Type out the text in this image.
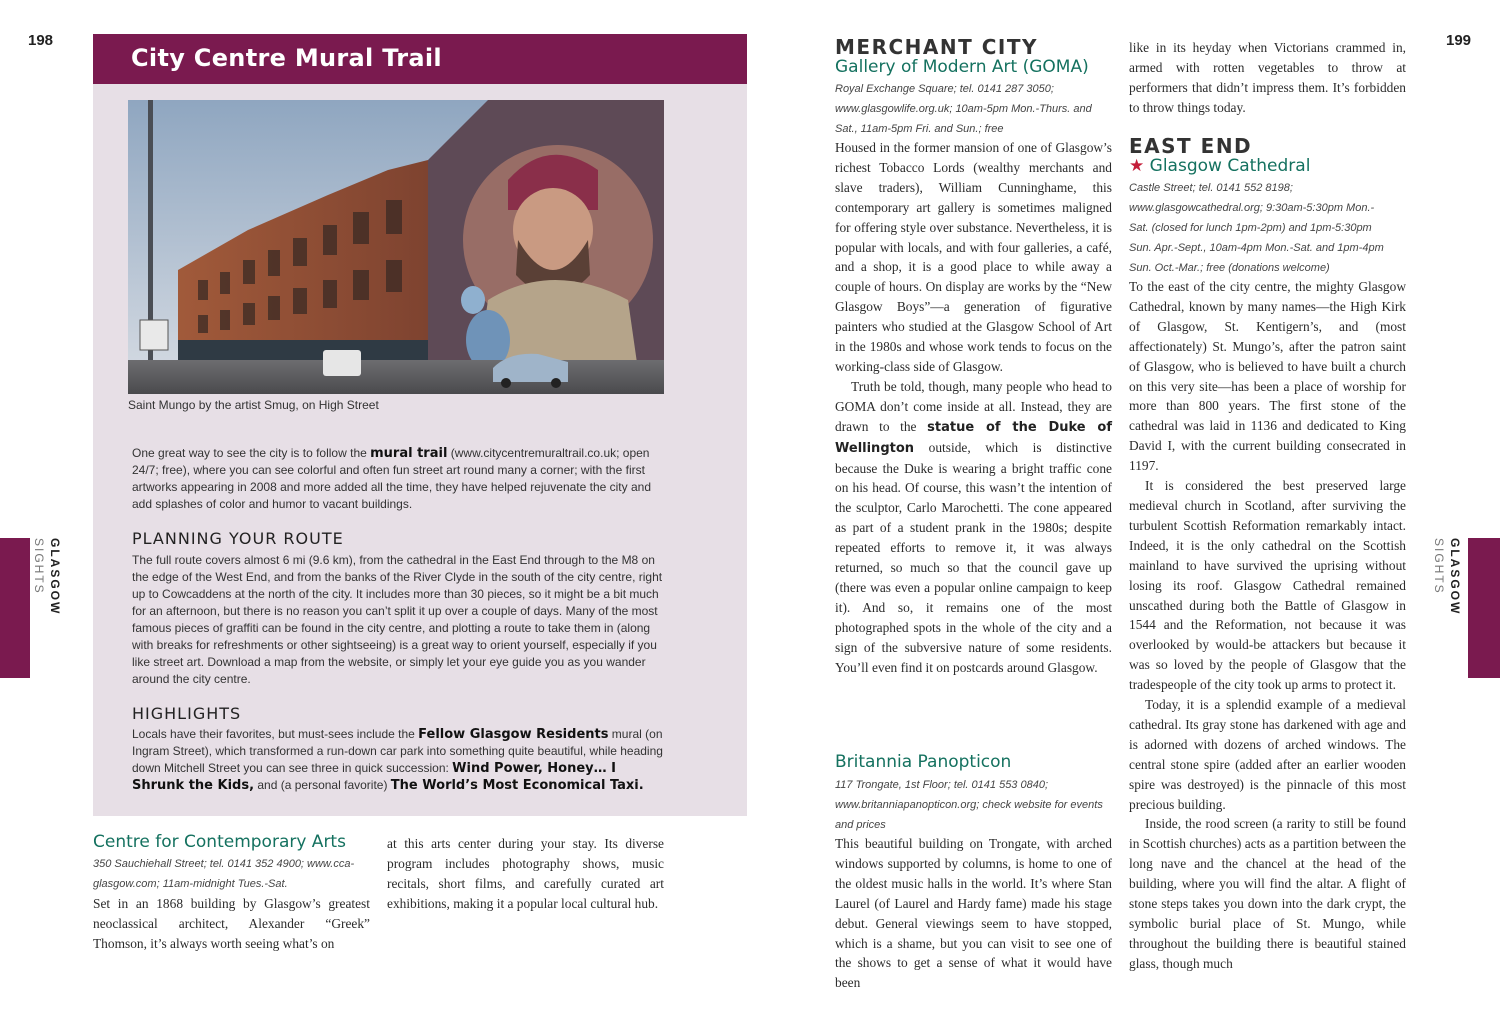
198	199
SIGHTS GLASGOW	SIGHTS GLASGOW
City Centre Mural Trail
Saint Mungo by the artist Smug, on High Street
One great way to see the city is to follow the mural trail (www.citycentremuraltrail.co.uk; open 24/7; free), where you can see colorful and often fun street art round many a corner; with the first artworks appearing in 2008 and more added all the time, they have helped rejuvenate the city and add splashes of color and humor to vacant buildings.
PLANNING YOUR ROUTE
The full route covers almost 6 mi (9.6 km), from the cathedral in the East End through to the M8 on the edge of the West End, and from the banks of the River Clyde in the south of the city centre, right up to Cowcaddens at the north of the city. It includes more than 30 pieces, so it might be a bit much for an afternoon, but there is no reason you can’t split it up over a couple of days. Many of the most famous pieces of graffiti can be found in the city centre, and plotting a route to take them in (along with breaks for refreshments or other sightseeing) is a great way to orient yourself, especially if you like street art. Download a map from the website, or simply let your eye guide you as you wander around the city centre.
HIGHLIGHTS
Locals have their favorites, but must-sees include the Fellow Glasgow Residents mural (on Ingram Street), which transformed a run-down car park into something quite beautiful, while heading down Mitchell Street you can see three in quick succession: Wind Power, Honey… I Shrunk the Kids, and (a personal favorite) The World’s Most Economical Taxi.
Centre for Contemporary Arts
350 Sauchiehall Street; tel. 0141 352 4900; www.cca-glasgow.com; 11am-midnight Tues.-Sat.

Set in an 1868 building by Glasgow’s greatest neoclassical architect, Alexander “Greek” Thomson, it’s always worth seeing what’s on

at this arts center during your stay. Its diverse program includes photography shows, music recitals, short films, and carefully curated art exhibitions, making it a popular local cultural hub.

MERCHANT CITY
Gallery of Modern Art (GOMA)
Royal Exchange Square; tel. 0141 287 3050; www.glasgowlife.org.uk; 10am-5pm Mon.-Thurs. and Sat., 11am-5pm Fri. and Sun.; free

Housed in the former mansion of one of Glasgow’s richest Tobacco Lords (wealthy merchants and slave traders), William Cunninghame, this contemporary art gallery is sometimes maligned for offering style over substance. Nevertheless, it is popular with locals, and with four galleries, a café, and a shop, it is a good place to while away a couple of hours. On display are works by the “New Glasgow Boys”—a generation of figurative painters who studied at the Glasgow School of Art in the 1980s and whose work tends to focus on the working-class side of Glasgow.

Truth be told, though, many people who head to GOMA don’t come inside at all. Instead, they are drawn to the statue of the Duke of Wellington outside, which is distinctive because the Duke is wearing a bright traffic cone on his head. Of course, this wasn’t the intention of the sculptor, Carlo Marochetti. The cone appeared as part of a student prank in the 1980s; despite repeated efforts to remove it, it was always returned, so much so that the council gave up (there was even a popular online campaign to keep it). And so, it remains one of the most photographed spots in the whole of the city and a sign of the subversive nature of some residents. You’ll even find it on postcards around Glasgow.

Britannia Panopticon
117 Trongate, 1st Floor; tel. 0141 553 0840; www.britanniapanopticon.org; check website for events and prices

This beautiful building on Trongate, with arched windows supported by columns, is home to one of the oldest music halls in the world. It’s where Stan Laurel (of Laurel and Hardy fame) made his stage debut. General viewings seem to have stopped, which is a shame, but you can visit to see one of the shows to get a sense of what it would have been

like in its heyday when Victorians crammed in, armed with rotten vegetables to throw at performers that didn’t impress them. It’s forbidden to throw things today.

EAST END
★ Glasgow Cathedral
Castle Street; tel. 0141 552 8198; www.glasgowcathedral.org; 9:30am-5:30pm Mon.-Sat. (closed for lunch 1pm-2pm) and 1pm-5:30pm Sun. Apr.-Sept., 10am-4pm Mon.-Sat. and 1pm-4pm Sun. Oct.-Mar.; free (donations welcome)

To the east of the city centre, the mighty Glasgow Cathedral, known by many names—the High Kirk of Glasgow, St. Kentigern’s, and (most affectionately) St. Mungo’s, after the patron saint of Glasgow, who is believed to have built a church on this very site—has been a place of worship for more than 800 years. The first stone of the cathedral was laid in 1136 and dedicated to King David I, with the current building consecrated in 1197.

It is considered the best preserved large medieval church in Scotland, after surviving the turbulent Scottish Reformation remarkably intact. Indeed, it is the only cathedral on the Scottish mainland to have survived the uprising without losing its roof. Glasgow Cathedral remained unscathed during both the Battle of Glasgow in 1544 and the Reformation, not because it was overlooked by would-be attackers but because it was so loved by the people of Glasgow that the tradespeople of the city took up arms to protect it.

Today, it is a splendid example of a medieval cathedral. Its gray stone has darkened with age and is adorned with dozens of arched windows. The central stone spire (added after an earlier wooden spire was destroyed) is the pinnacle of this most precious building.

Inside, the rood screen (a rarity to still be found in Scottish churches) acts as a partition between the long nave and the chancel at the head of the building, where you will find the altar. A flight of stone steps takes you down into the dark crypt, the symbolic burial place of St. Mungo, while throughout the building there is beautiful stained glass, though much
